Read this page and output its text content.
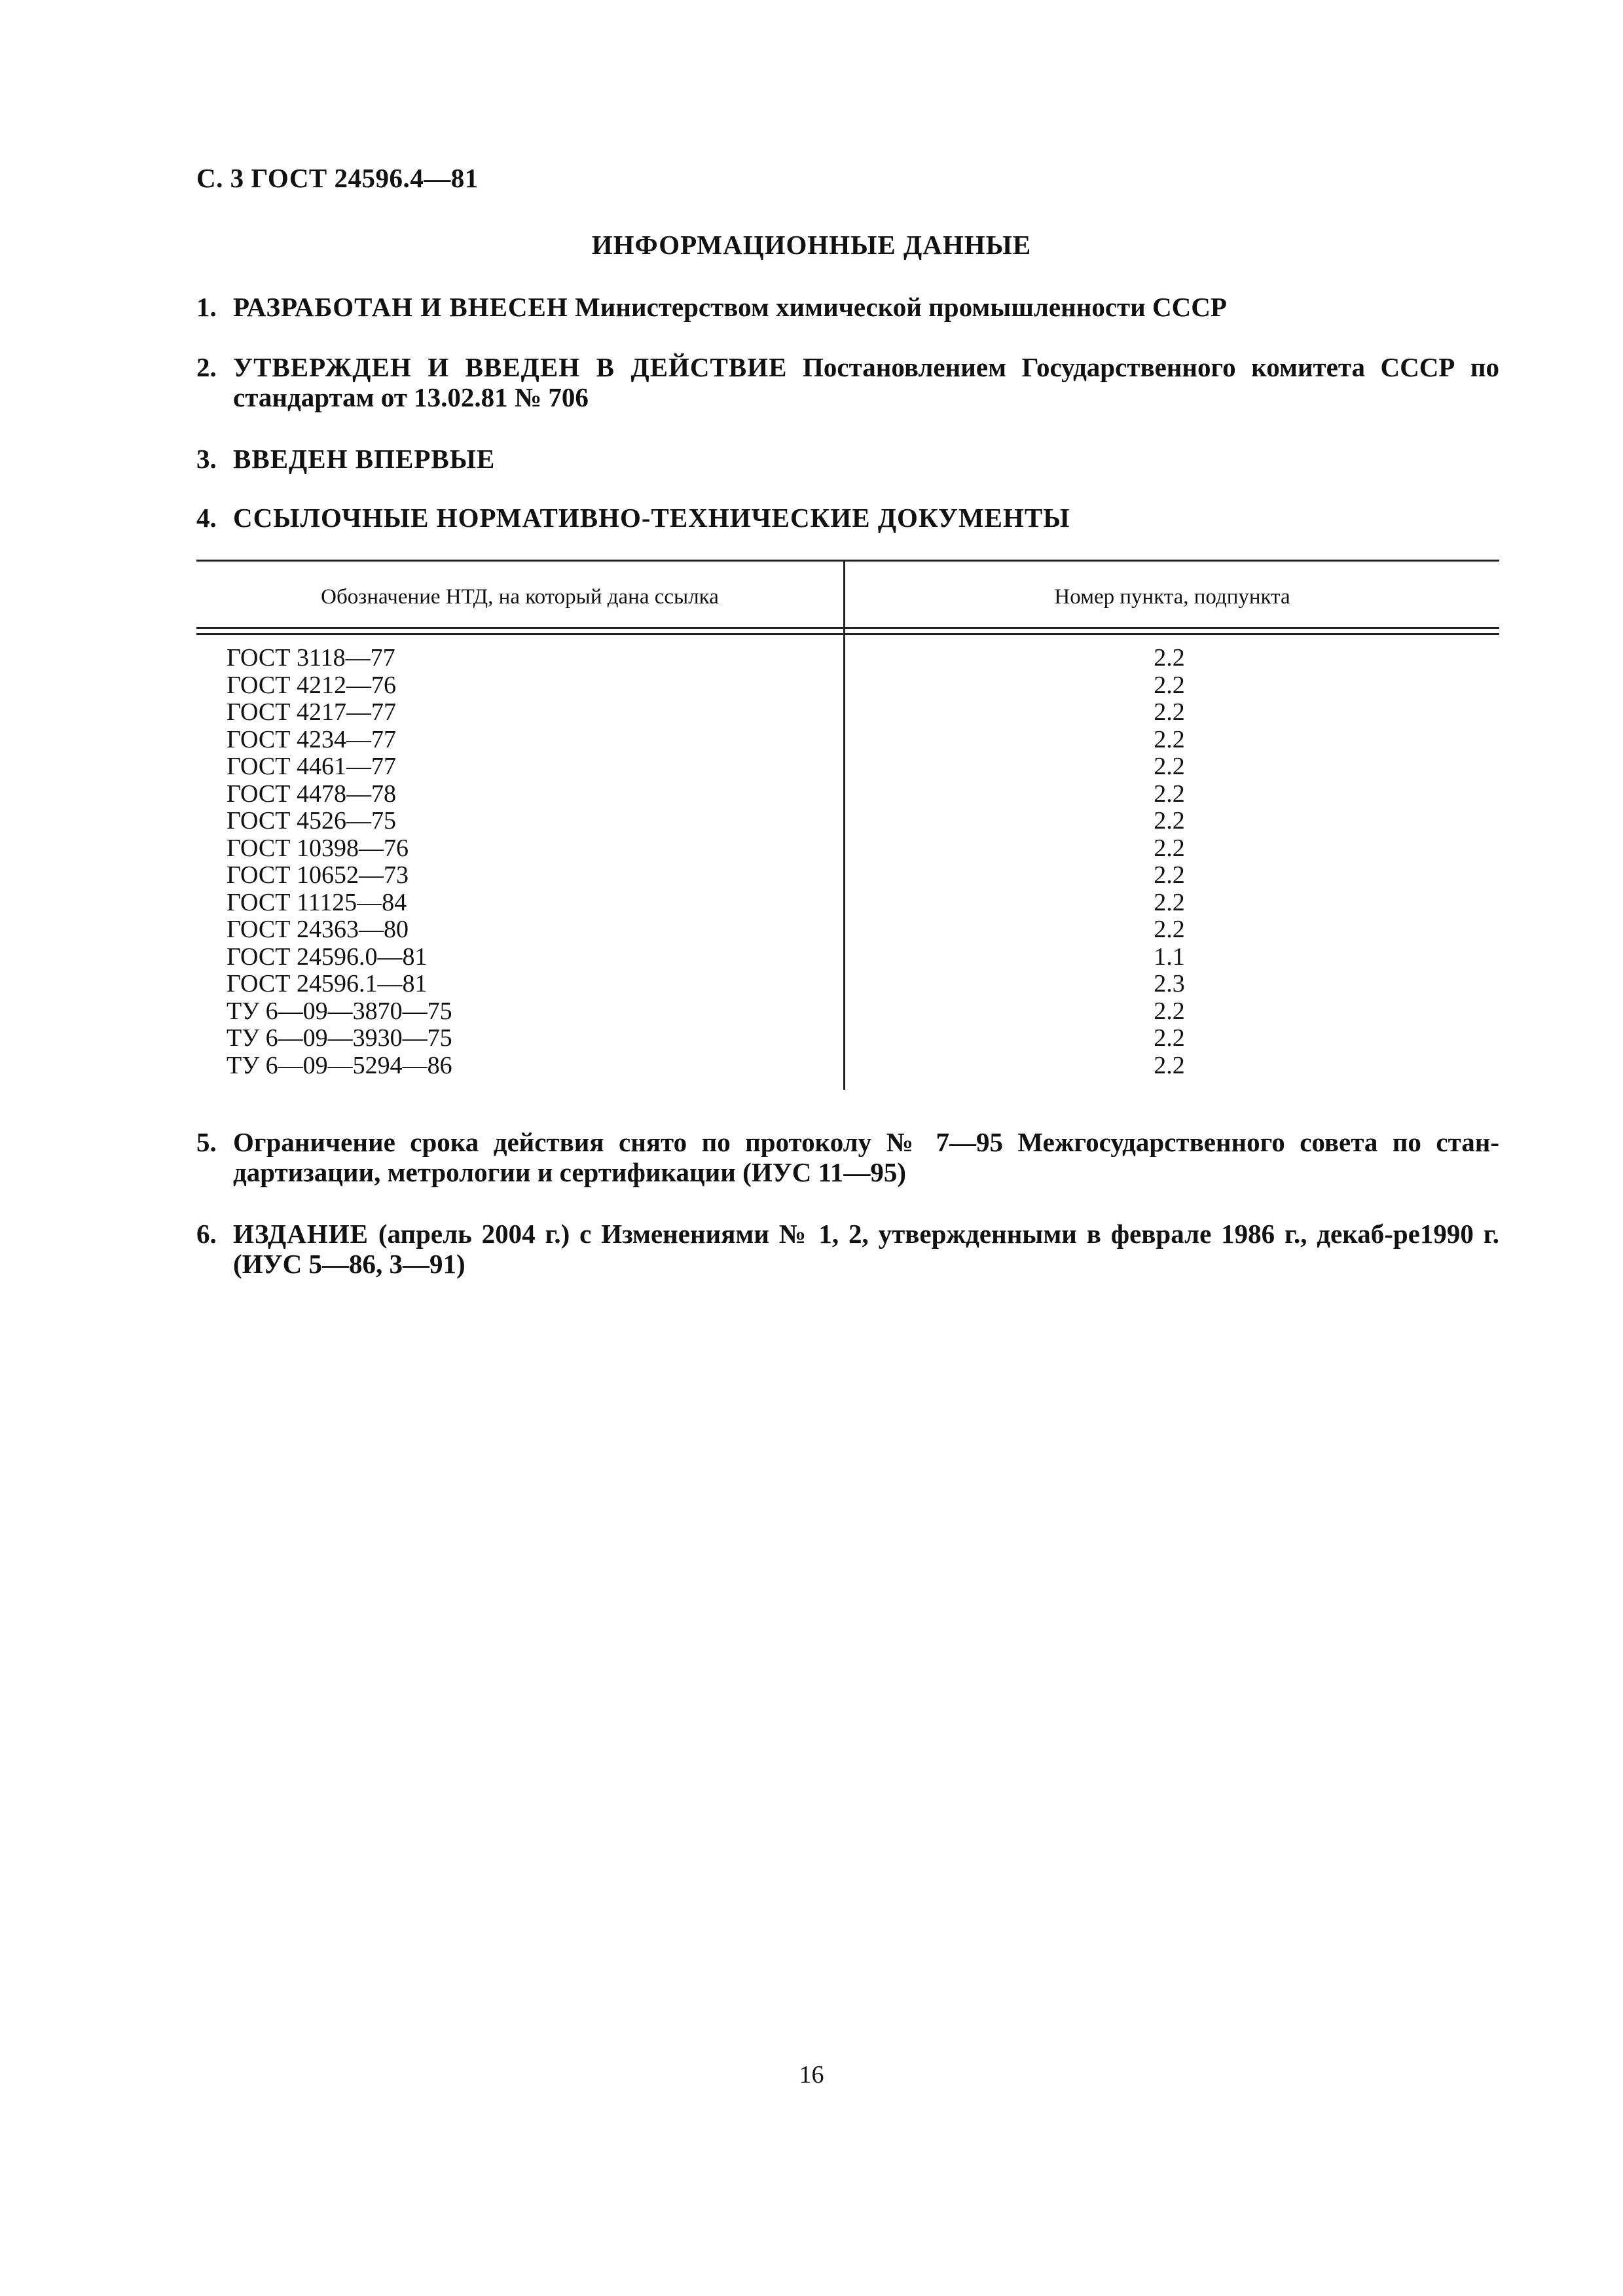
С. 3 ГОСТ 24596.4—81
ИНФОРМАЦИОННЫЕ ДАННЫЕ
1. РАЗРАБОТАН И ВНЕСЕН Министерством химической промышленности СССР
2. УТВЕРЖДЕН И ВВЕДЕН В ДЕЙСТВИЕ Постановлением Государственного комитета СССР по стандартам от 13.02.81 № 706
3. ВВЕДЕН ВПЕРВЫЕ
4. ССЫЛОЧНЫЕ НОРМАТИВНО-ТЕХНИЧЕСКИЕ ДОКУМЕНТЫ
Обозначение НТД, на который дана ссылка	Номер пункта, подпункта
ГОСТ 3118—77
ГОСТ 4212—76
ГОСТ 4217—77
ГОСТ 4234—77
ГОСТ 4461—77
ГОСТ 4478—78
ГОСТ 4526—75
ГОСТ 10398—76
ГОСТ 10652—73
ГОСТ 11125—84
ГОСТ 24363—80
ГОСТ 24596.0—81
ГОСТ 24596.1—81
ТУ 6—09—3870—75
ТУ 6—09—3930—75
ТУ 6—09—5294—86
2.2
2.2
2.2
2.2
2.2
2.2
2.2
2.2
2.2
2.2
2.2
1.1
2.3
2.2
2.2
2.2
5. Ограничение срока действия снято по протоколу № 7—95 Межгосударственного совета по стан-дартизации, метрологии и сертификации (ИУС 11—95)
6. ИЗДАНИЕ (апрель 2004 г.) с Изменениями № 1, 2, утвержденными в феврале 1986 г., декаб-ре1990 г. (ИУС 5—86, 3—91)
16
